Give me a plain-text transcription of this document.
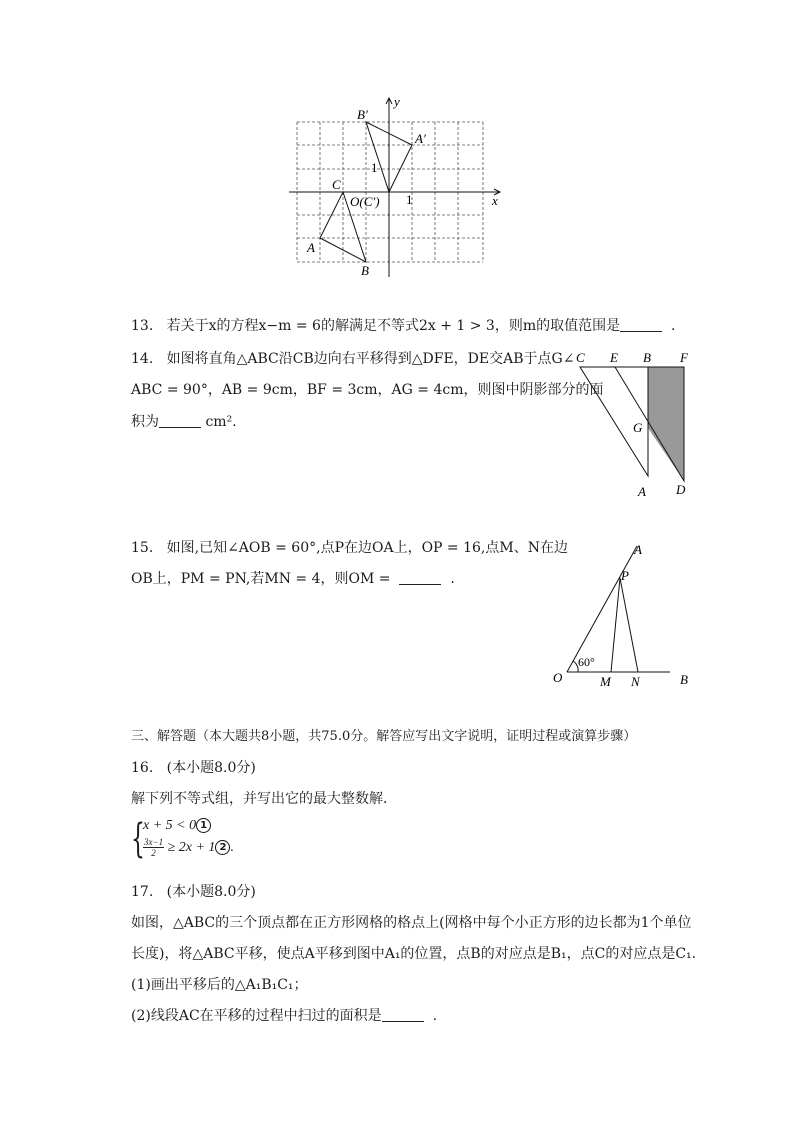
B′
y
A′
1
C
O(C′) 1	x
A
B
13. 若关于x的方程x−m = 6的解满足不等式2x + 1 > 3，则m的取值范围是	.
14. 如图将直角△ABC沿CB边向右平移得到△DFE，DE交AB于点G∠
ABC = 90°，AB = 9cm，BF = 3cm，AG = 4cm，则图中阴影部分的面
积为	cm².
C E B F
G
A D
15. 如图,已知∠AOB = 60°,点P在边OA上，OP = 16,点M、N在边
OB上，PM = PN,若MN = 4，则OM =	.
A
P
60°
O	M N	B
三、解答题（本大题共8小题，共75.0分。解答应写出文字说明，证明过程或演算步骤）
16. (本小题8.0分)
解下列不等式组，并写出它的最大整数解．
{
x + 5 < 0 1
$\frac{3x-1}{2} \ge 2x + 1$ 2 .
17. (本小题8.0分)
如图，△ABC的三个顶点都在正方形网格的格点上(网格中每个小正方形的边长都为1个单位
长度)，将△ABC平移，使点A平移到图中A₁的位置，点B的对应点是B₁，点C的对应点是C₁.
(1)画出平移后的△A₁B₁C₁；
(2)线段AC在平移的过程中扫过的面积是	.
